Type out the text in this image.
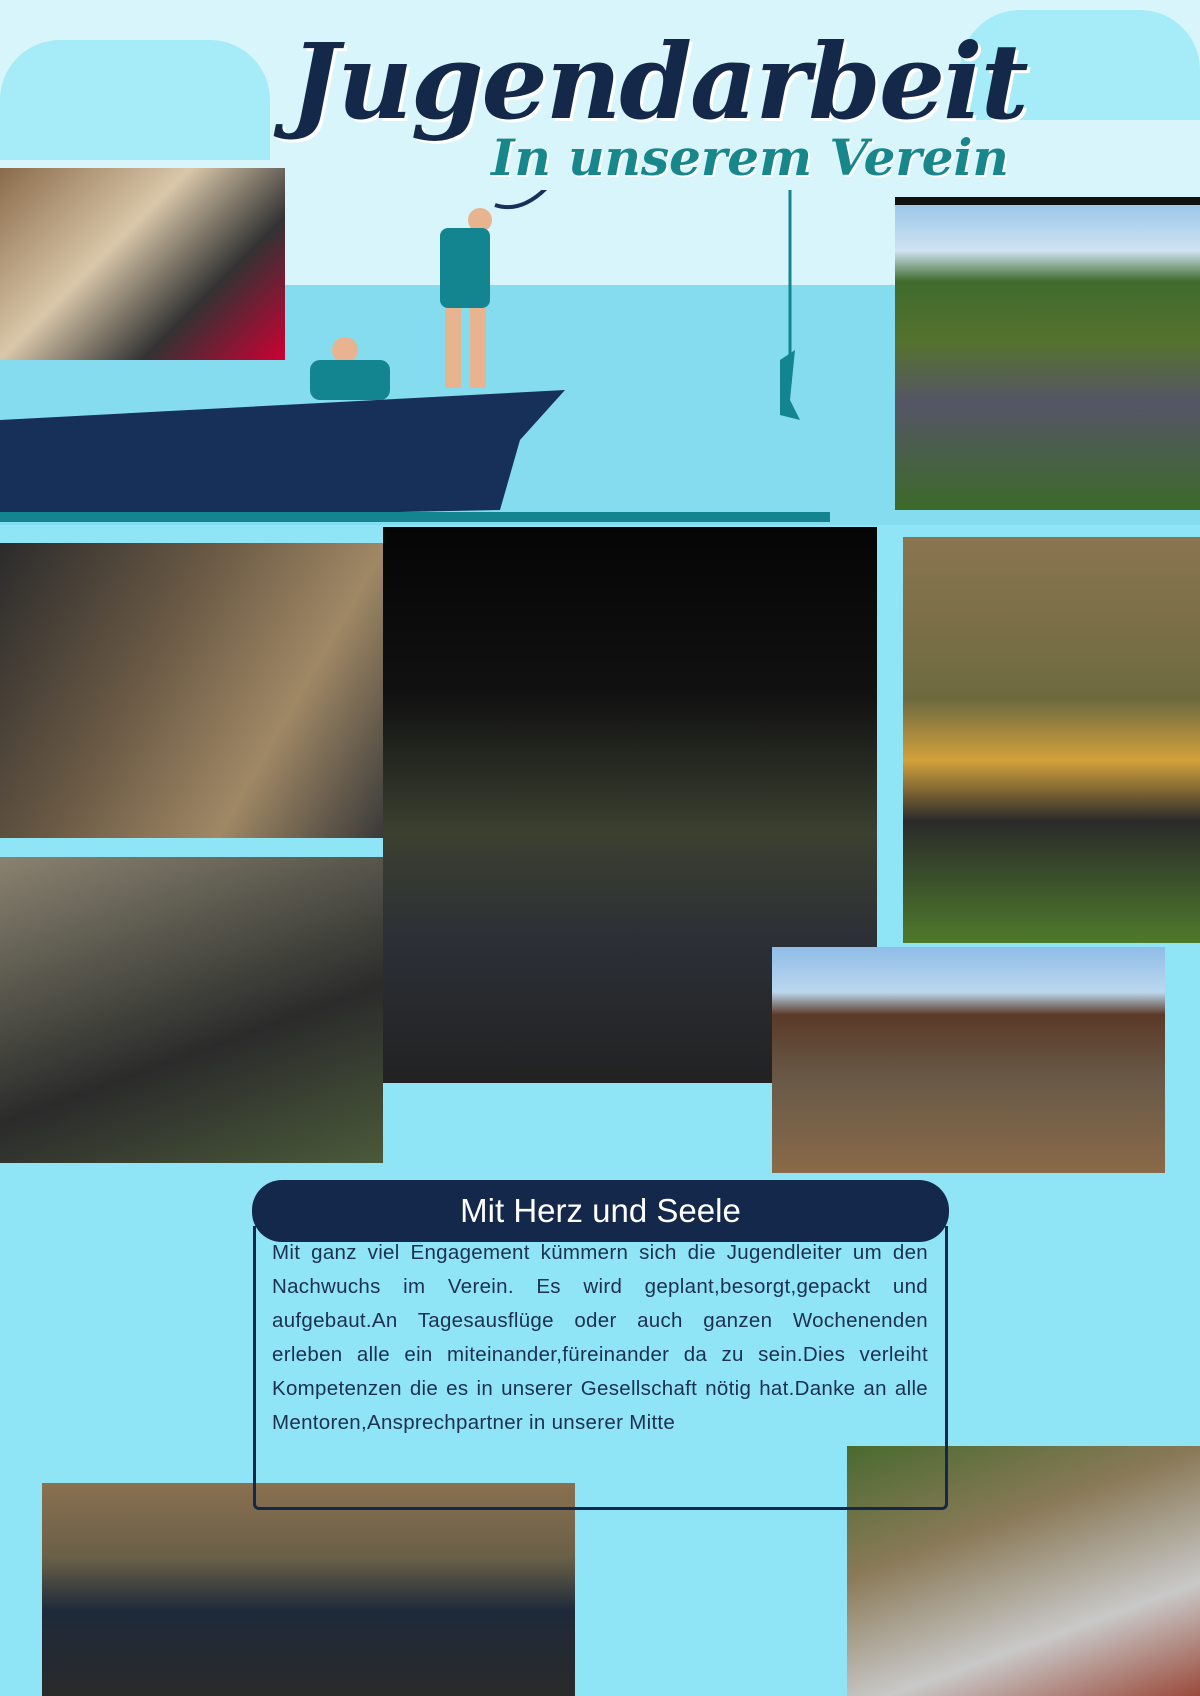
Jugendarbeit
In unserem Verein
Mit Herz und Seele
Mit ganz viel Engagement kümmern sich die Jugendleiter um den Nachwuchs im Verein. Es wird geplant,besorgt,gepackt und aufgebaut.An Tagesausflüge oder auch ganzen Wochenenden erleben alle ein miteinander,füreinander da zu sein.Dies verleiht Kompetenzen die es in unserer Gesellschaft nötig hat.Danke an alle Mentoren,Ansprechpartner in unserer Mitte
